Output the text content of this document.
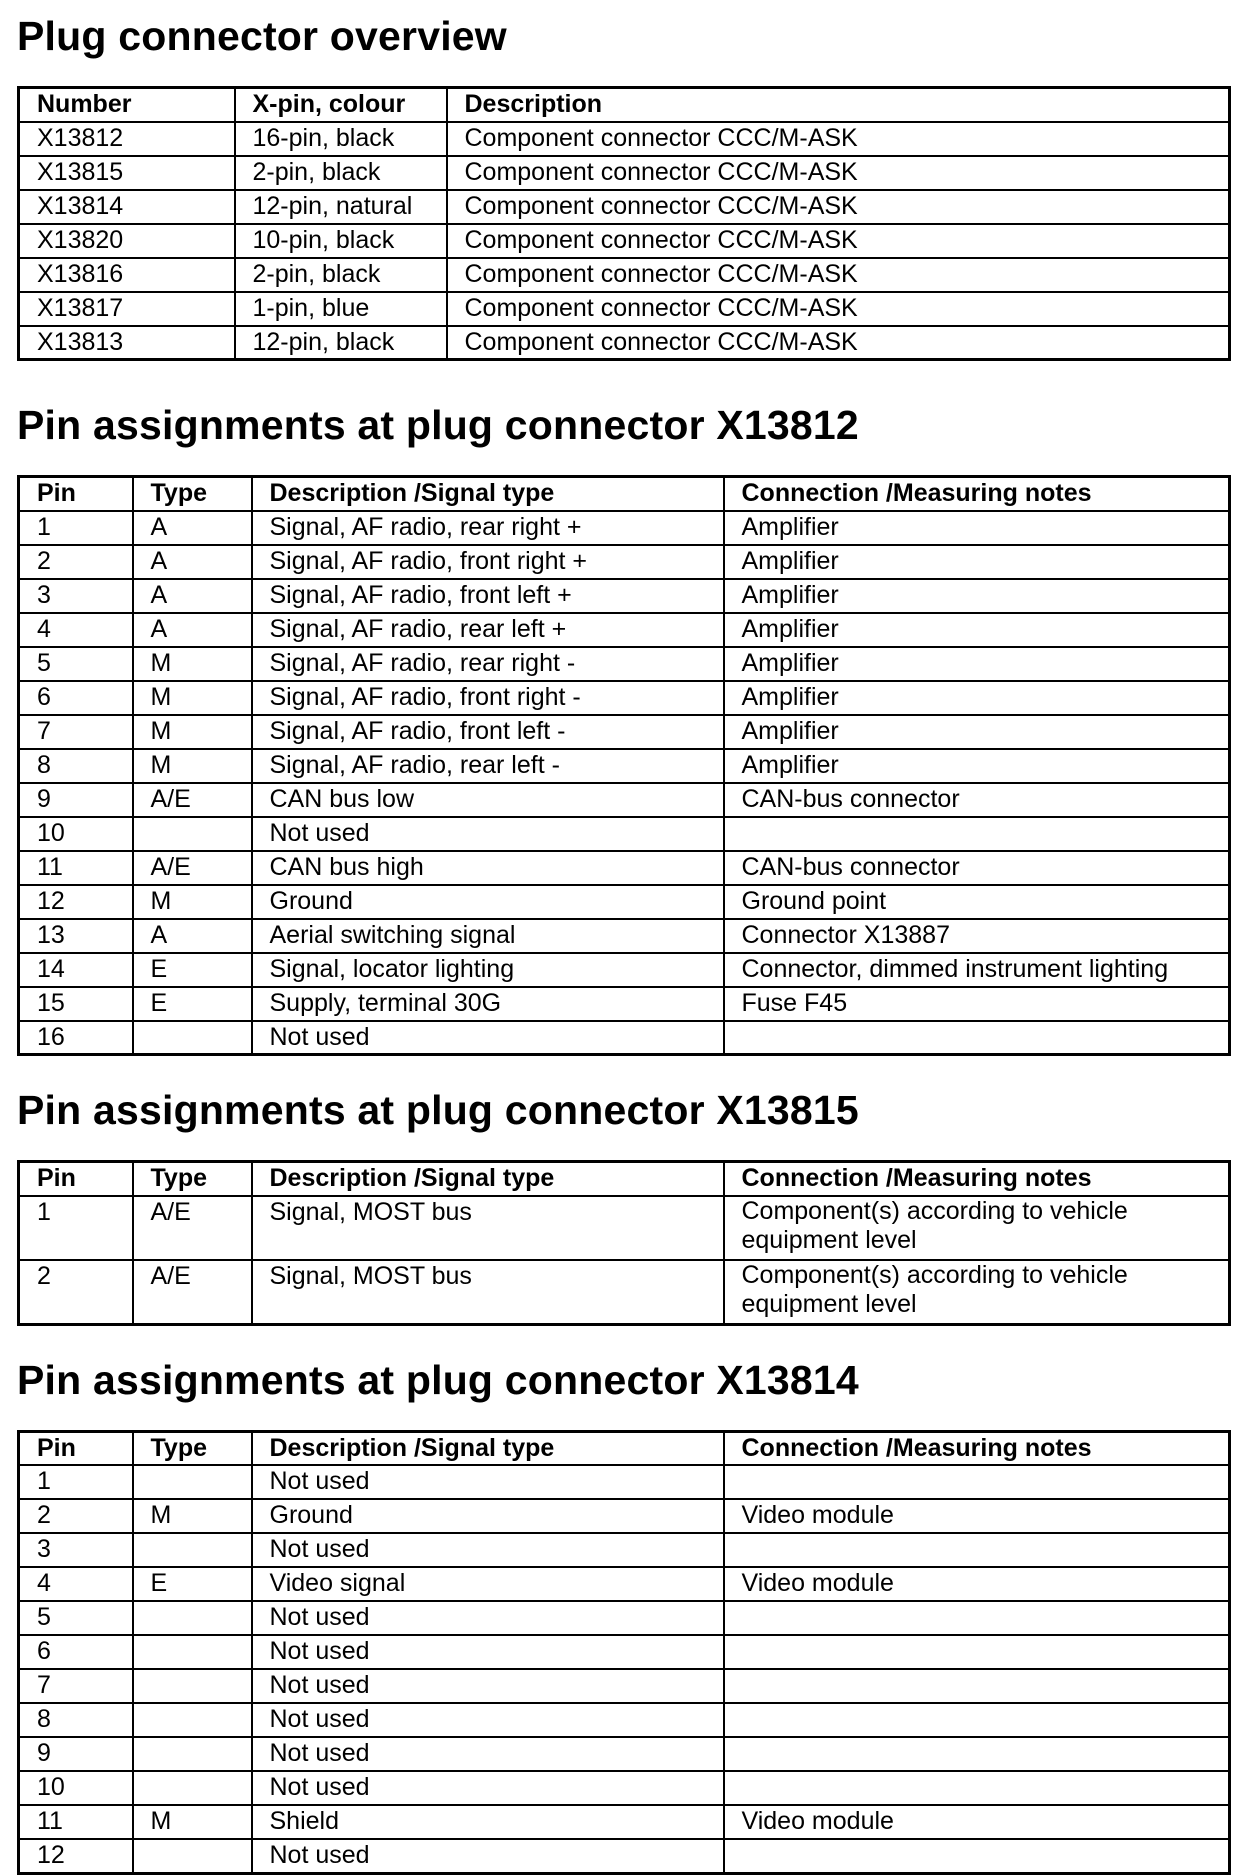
Plug connector overview
Number	X-pin, colour	Description
X13812	16-pin, black	Component connector CCC/M-ASK
X13815	2-pin, black	Component connector CCC/M-ASK
X13814	12-pin, natural	Component connector CCC/M-ASK
X13820	10-pin, black	Component connector CCC/M-ASK
X13816	2-pin, black	Component connector CCC/M-ASK
X13817	1-pin, blue	Component connector CCC/M-ASK
X13813	12-pin, black	Component connector CCC/M-ASK
Pin assignments at plug connector X13812
Pin	Type	Description /Signal type	Connection /Measuring notes
1	A	Signal, AF radio, rear right +	Amplifier
2	A	Signal, AF radio, front right +	Amplifier
3	A	Signal, AF radio, front left +	Amplifier
4	A	Signal, AF radio, rear left +	Amplifier
5	M	Signal, AF radio, rear right -	Amplifier
6	M	Signal, AF radio, front right -	Amplifier
7	M	Signal, AF radio, front left -	Amplifier
8	M	Signal, AF radio, rear left -	Amplifier
9	A/E	CAN bus low	CAN-bus connector
10		Not used	
11	A/E	CAN bus high	CAN-bus connector
12	M	Ground	Ground point
13	A	Aerial switching signal	Connector X13887
14	E	Signal, locator lighting	Connector, dimmed instrument lighting
15	E	Supply, terminal 30G	Fuse F45
16		Not used	
Pin assignments at plug connector X13815
Pin	Type	Description /Signal type	Connection /Measuring notes
1	A/E	Signal, MOST bus	Component(s) according to vehicle equipment level
2	A/E	Signal, MOST bus	Component(s) according to vehicle equipment level
Pin assignments at plug connector X13814
Pin	Type	Description /Signal type	Connection /Measuring notes
1		Not used	
2	M	Ground	Video module
3		Not used	
4	E	Video signal	Video module
5		Not used	
6		Not used	
7		Not used	
8		Not used	
9		Not used	
10		Not used	
11	M	Shield	Video module
12		Not used	
